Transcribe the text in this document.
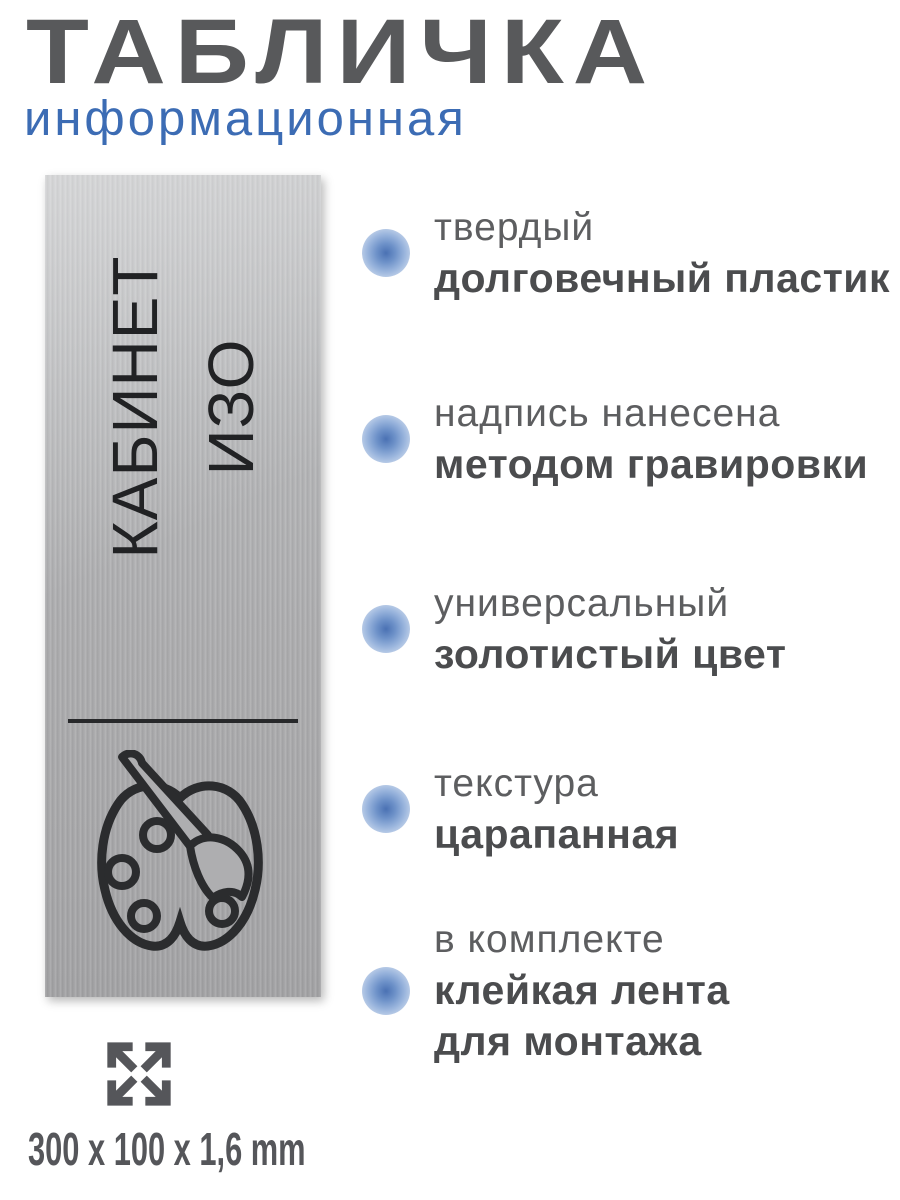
ТАБЛИЧКА
информационная
КАБИНЕТ ИЗО
твердый
долговечный пластик
надпись нанесена
методом гравировки
универсальный
золотистый цвет
текстура
царапанная
в комплекте
клейкая лента
для монтажа
300 x 100 x 1,6 mm
